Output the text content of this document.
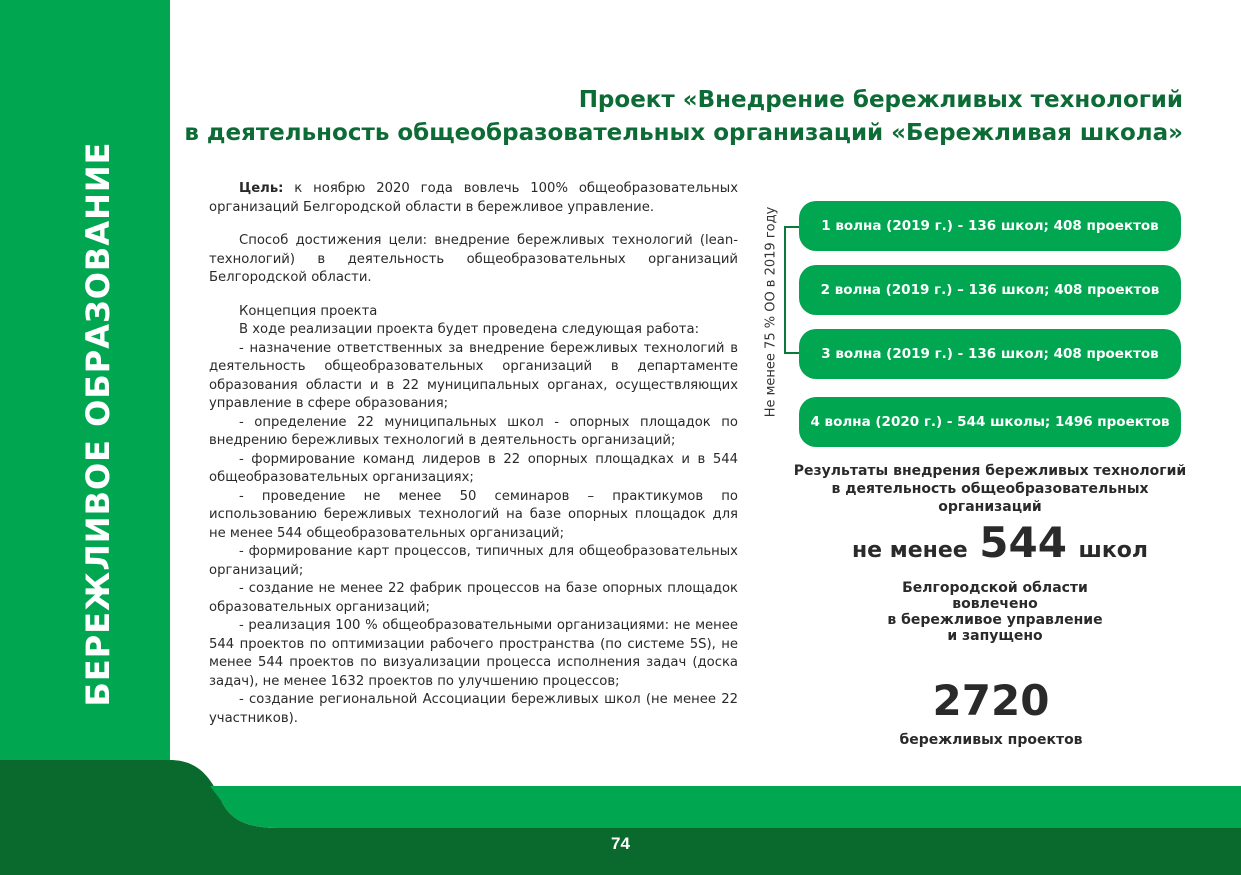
БЕРЕЖЛИВОЕ ОБРАЗОВАНИЕ
74
Проект «Внедрение бережливых технологий
в деятельность общеобразовательных организаций «Бережливая школа»

Цель: к ноябрю 2020 года вовлечь 100% общеобразовательных организаций Белгородской области в бережливое управление.

Способ достижения цели: внедрение бережливых технологий (lean-технологий) в деятельность общеобразовательных организаций Белгородской области.

Концепция проекта

В ходе реализации проекта будет проведена следующая работа:

- назначение ответственных за внедрение бережливых технологий в деятельность общеобразовательных организаций в департаменте образования области и в 22 муниципальных органах, осуществляющих управление в сфере образования;

- определение 22 муниципальных школ - опорных площадок по внедрению бережливых технологий в деятельность организаций;

- формирование команд лидеров в 22 опорных площадках и в 544 общеобразовательных организациях;

- проведение не менее 50 семинаров – практикумов по использованию бережливых технологий на базе опорных площадок для не менее 544 общеобразовательных организаций;

- формирование карт процессов, типичных для общеобразовательных организаций;

- создание не менее 22 фабрик процессов на базе опорных площадок образовательных организаций;

- реализация 100 % общеобразовательными организациями: не менее 544 проектов по оптимизации рабочего пространства (по системе 5S), не менее 544 проектов по визуализации процесса исполнения задач (доска задач), не менее 1632 проектов по улучшению процессов;

- создание региональной Ассоциации бережливых школ (не менее 22 участников).

Не менее 75 % ОО в 2019 году	1 волна (2019 г.) - 136 школ; 408 проектов
2 волна (2019 г.) – 136 школ; 408 проектов
3 волна (2019 г.) - 136 школ; 408 проектов
4 волна (2020 г.) - 544 школы; 1496 проектов
Результаты внедрения бережливых технологий
в деятельность общеобразовательных организаций
не менее 544 школ
Белгородской области
вовлечено
в бережливое управление
и запущено
2720
бережливых проектов
